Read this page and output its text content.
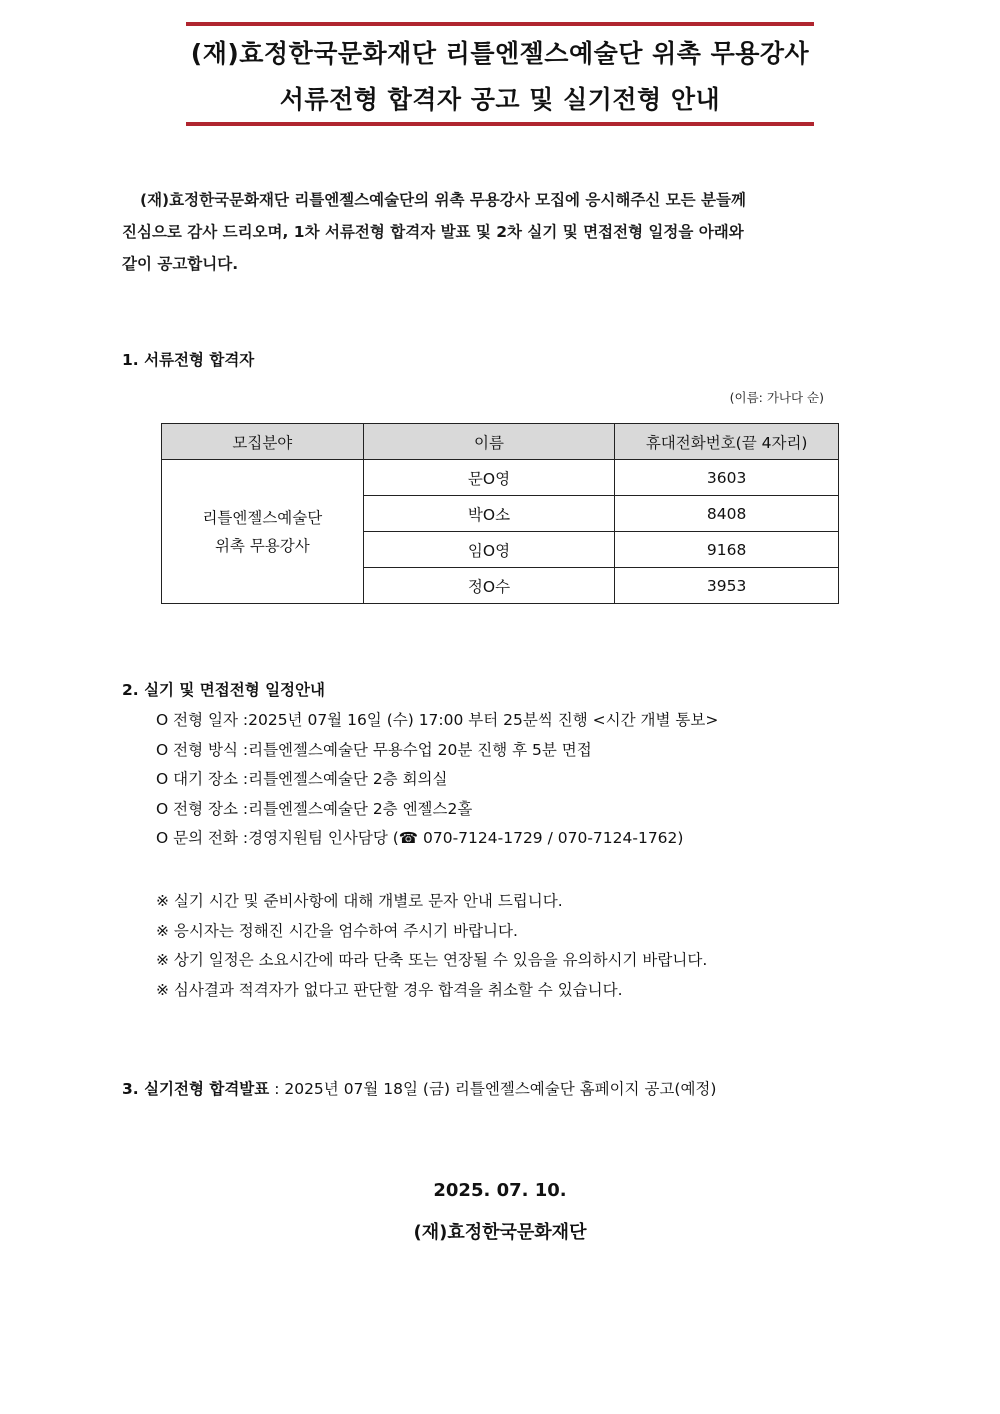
(재)효정한국문화재단 리틀엔젤스예술단 위촉 무용강사
서류전형 합격자 공고 및 실기전형 안내

(재)효정한국문화재단 리틀엔젤스예술단의 위촉 무용강사 모집에 응시해주신 모든 분들께

진심으로 감사 드리오며, 1차 서류전형 합격자 발표 및 2차 실기 및 면접전형 일정을 아래와

같이 공고합니다.

1. 서류전형 합격자
(이름: 가나다 순)
모집분야	이름	휴대전화번호(끝 4자리)

리틀엔젤스예술단
위촉 무용강사	문O영	3603
	박O소	8408
	임O영	9168
	정O수	3953
2. 실기 및 면접전형 일정안내
O 전형 일자 :2025년 07월 16일 (수) 17:00 부터 25분씩 진행 <시간 개별 통보>
O 전형 방식 :리틀엔젤스예술단 무용수업 20분 진행 후 5분 면접
O 대기 장소 :리틀엔젤스예술단 2층 회의실
O 전형 장소 :리틀엔젤스예술단 2층 엔젤스2홀
O 문의 전화 :경영지원팀 인사담당 (☎ 070-7124-1729 / 070-7124-1762)
※ 실기 시간 및 준비사항에 대해 개별로 문자 안내 드립니다.
※ 응시자는 정해진 시간을 엄수하여 주시기 바랍니다.
※ 상기 일정은 소요시간에 따라 단축 또는 연장될 수 있음을 유의하시기 바랍니다.
※ 심사결과 적격자가 없다고 판단할 경우 합격을 취소할 수 있습니다.
3. 실기전형 합격발표 : 2025년 07월 18일 (금) 리틀엔젤스예술단 홈페이지 공고(예정)
2025. 07. 10.
(재)효정한국문화재단
